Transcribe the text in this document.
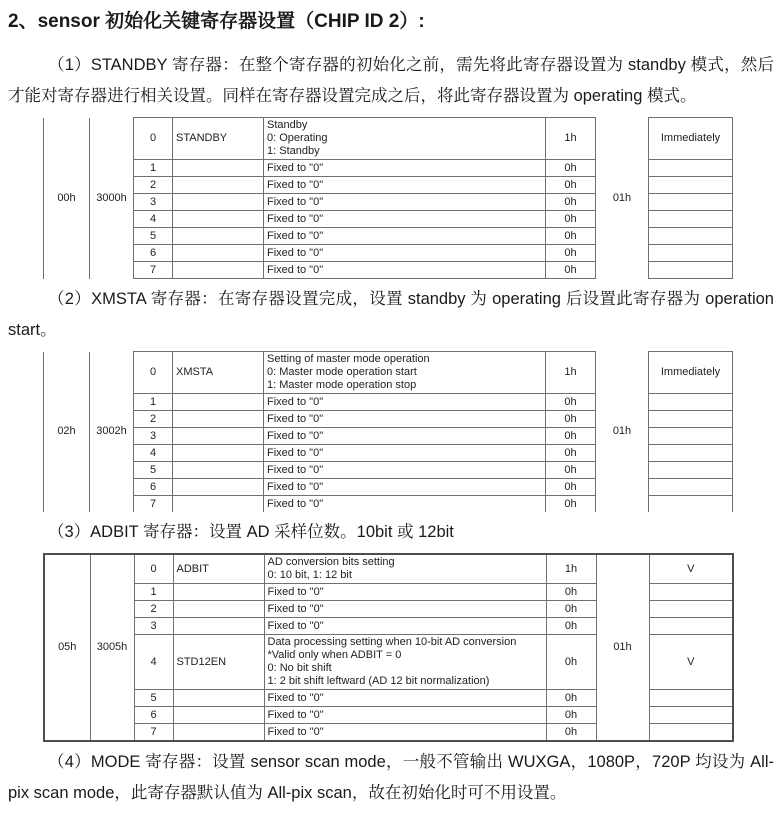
2、sensor 初始化关键寄存器设置（CHIP ID 2）:

（1）STANDBY 寄存器：在整个寄存器的初始化之前，需先将此寄存器设置为 standby 模式，然后才能对寄存器进行相关设置。同样在寄存器设置完成之后，将此寄存器设置为 operating 模式。

00h	3000h	0	STANDBY	Standby
0: Operating
1: Standby	1h	01h	Immediately
		1		Fixed to "0"	0h		
		2		Fixed to "0"	0h		
		3		Fixed to "0"	0h		
		4		Fixed to "0"	0h		
		5		Fixed to "0"	0h		
		6		Fixed to "0"	0h		
		7		Fixed to "0"	0h		

（2）XMSTA 寄存器：在寄存器设置完成，设置 standby 为 operating 后设置此寄存器为 operation start。

02h	3002h	0	XMSTA	Setting of master mode operation
0: Master mode operation start
1: Master mode operation stop	1h	01h	Immediately
		1		Fixed to "0"	0h		
		2		Fixed to "0"	0h		
		3		Fixed to "0"	0h		
		4		Fixed to "0"	0h		
		5		Fixed to "0"	0h		
		6		Fixed to "0"	0h		
		7		Fixed to "0"	0h		

（3）ADBIT 寄存器：设置 AD 采样位数。10bit 或 12bit

05h	3005h	0	ADBIT	AD conversion bits setting
0: 10 bit, 1: 12 bit	1h	01h	V
		1		Fixed to "0"	0h		
		2		Fixed to "0"	0h		
		3		Fixed to "0"	0h		
		4	STD12EN	Data processing setting when 10-bit AD conversion
*Valid only when ADBIT = 0
0: No bit shift
1: 2 bit shift leftward (AD 12 bit normalization)	0h		V
		5		Fixed to "0"	0h		
		6		Fixed to "0"	0h		
		7		Fixed to "0"	0h		

（4）MODE 寄存器：设置 sensor scan mode，一般不管输出 WUXGA，1080P，720P 均设为 All-pix scan mode，此寄存器默认值为 All-pix scan，故在初始化时可不用设置。
